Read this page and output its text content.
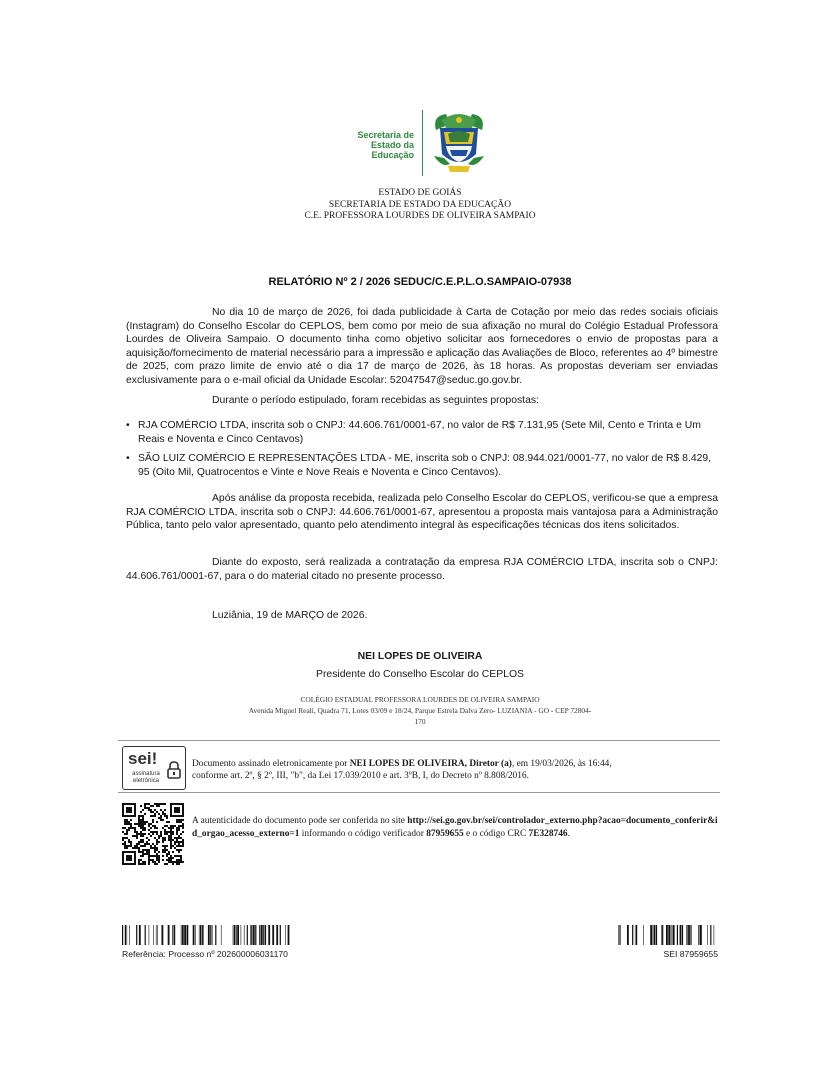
Secretaria de
Estado da
Educação
ESTADO DE GOIÁS
SECRETARIA DE ESTADO DA EDUCAÇÃO
C.E. PROFESSORA LOURDES DE OLIVEIRA SAMPAIO
RELATÓRIO Nº 2 / 2026 SEDUC/C.E.P.L.O.SAMPAIO-07938
No dia 10 de março de 2026, foi dada publicidade à Carta de Cotação por meio das redes sociais oficiais (Instagram) do Conselho Escolar do CEPLOS, bem como por meio de sua afixação no mural do Colégio Estadual Professora Lourdes de Oliveira Sampaio. O documento tinha como objetivo solicitar aos fornecedores o envio de propostas para a aquisição/fornecimento de material necessário para a impressão e aplicação das Avaliações de Bloco, referentes ao 4º bimestre de 2025, com prazo limite de envio até o dia 17 de março de 2026, às 18 horas. As propostas deveriam ser enviadas exclusivamente para o e-mail oficial da Unidade Escolar: 52047547@seduc.go.gov.br.
Durante o período estipulado, foram recebidas as seguintes propostas:
• RJA COMÉRCIO LTDA, inscrita sob o CNPJ: 44.606.761/0001-67, no valor de R$ 7.131,95 (Sete Mil, Cento e Trinta e Um Reais e Noventa e Cinco Centavos)
• SÃO LUIZ COMÉRCIO E REPRESENTAÇÕES LTDA - ME, inscrita sob o CNPJ: 08.944.021/0001-77, no valor de R$ 8.429, 95 (Oito Mil, Quatrocentos e Vinte e Nove Reais e Noventa e Cinco Centavos).
Após análise da proposta recebida, realizada pelo Conselho Escolar do CEPLOS, verificou-se que a empresa RJA COMÉRCIO LTDA, inscrita sob o CNPJ: 44.606.761/0001-67, apresentou a proposta mais vantajosa para a Administração Pública, tanto pelo valor apresentado, quanto pelo atendimento integral às especificações técnicas dos itens solicitados.
Diante do exposto, será realizada a contratação da empresa RJA COMÉRCIO LTDA, inscrita sob o CNPJ: 44.606.761/0001-67, para o do material citado no presente processo.
Luziânia, 19 de MARÇO de 2026.
NEI LOPES DE OLIVEIRA
Presidente do Conselho Escolar do CEPLOS
COLÉGIO ESTADUAL PROFESSORA LOURDES DE OLIVEIRA SAMPAIO
Avenida Miguel Reali, Quadra 71, Lotes 03/09 e 18/24, Parque Estrela Dalva Zero- LUZIANIA - GO - CEP 72804-
170
sei!
assinatura
eletrônica
Documento assinado eletronicamente por NEI LOPES DE OLIVEIRA, Diretor (a), em 19/03/2026, às 16:44,
conforme art. 2º, § 2º, III, "b", da Lei 17.039/2010 e art. 3ºB, I, do Decreto nº 8.808/2016.
A autenticidade do documento pode ser conferida no site http://sei.go.gov.br/sei/controlador_externo.php?acao=documento_conferir&id_orgao_acesso_externo=1 informando o código verificador 87959655 e o código CRC 7E328746.
Referência: Processo nº 202600006031170	SEI 87959655
